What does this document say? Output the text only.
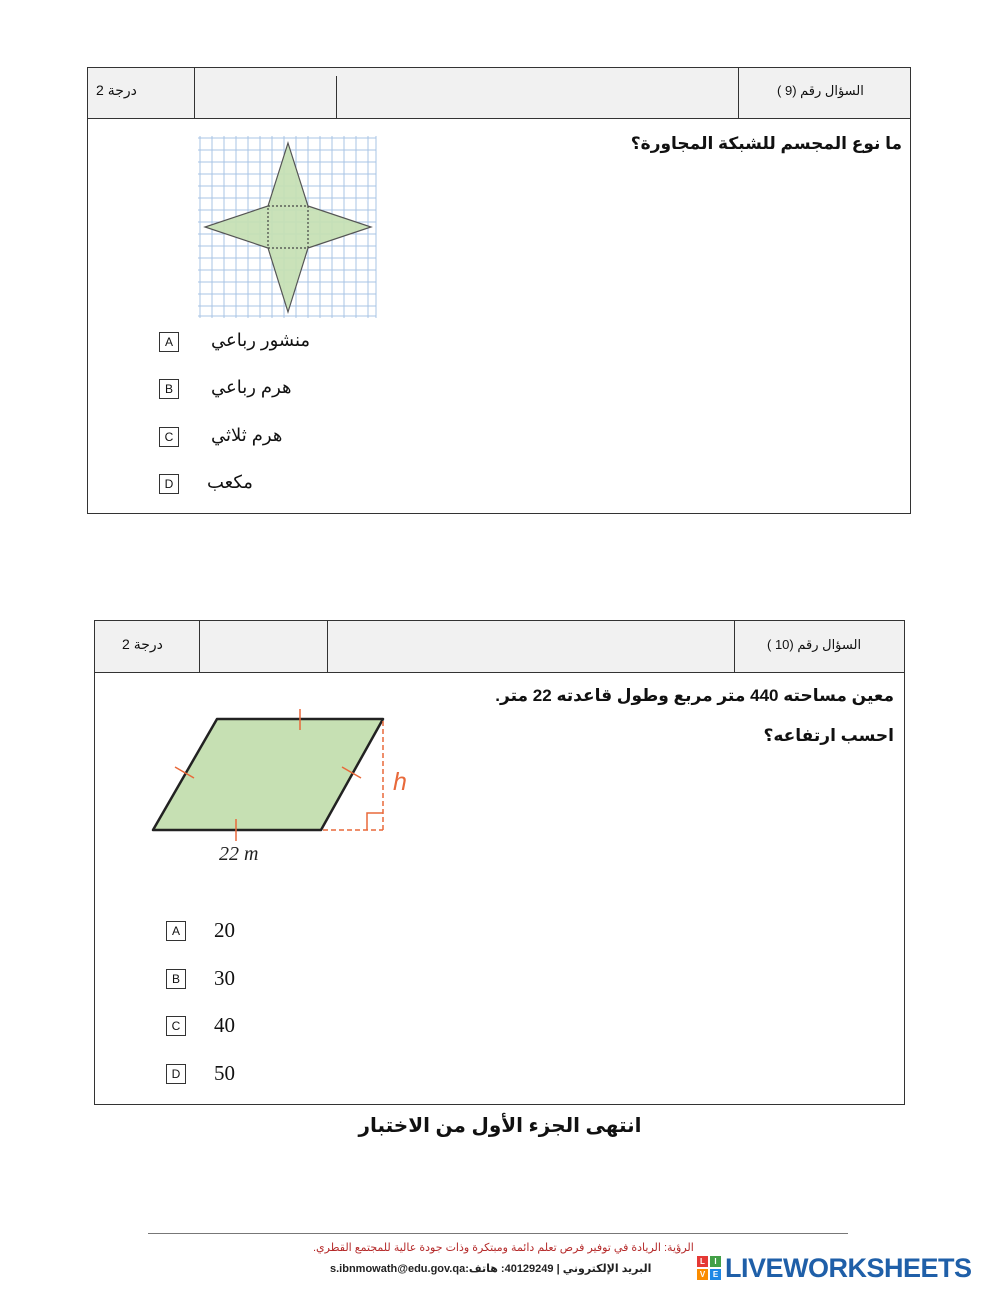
2 درجة	السؤال رقم (9 )
ما نوع المجسم للشبكة المجاورة؟
A	منشور رباعي
B	هرم رباعي
C	هرم ثلاثي
D	مكعب
2 درجة	السؤال رقم (10 )
معين مساحته 440 متر مربع وطول قاعدته 22 متر.
احسب ارتفاعه؟
h
22 m
A 20
B 30
C 40
D 50
انتهى الجزء الأول من الاختبار
الرؤية: الريادة في توفير فرص تعلم دائمة ومبتكرة وذات جودة عالية للمجتمع القطري.
s.ibnmowath@edu.gov.qa:البريد الإلكتروني | 40129249: هاتف
L	I
V E LIVEWORKSHEETS
